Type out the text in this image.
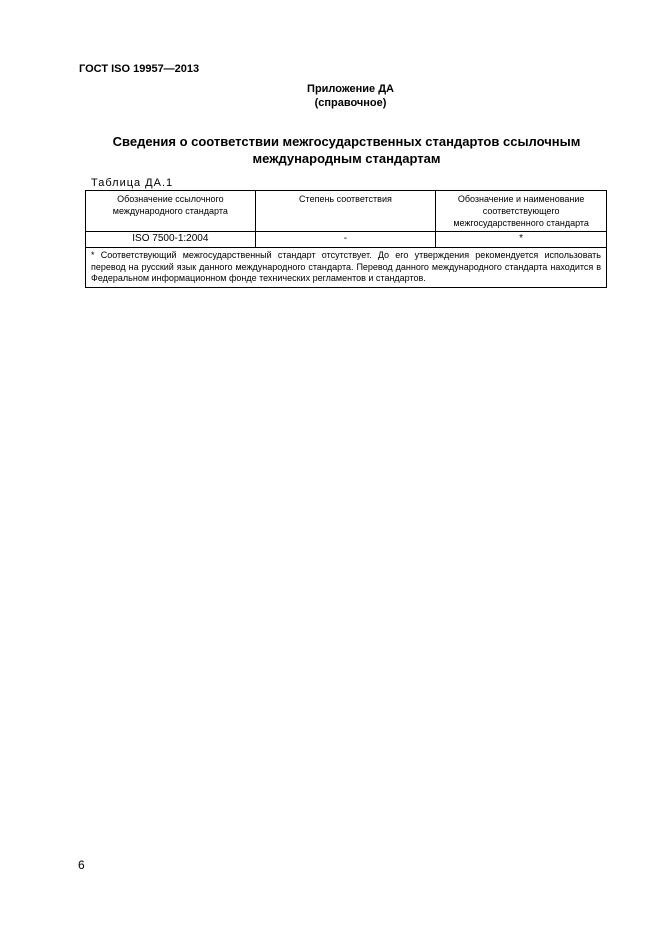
ГОСТ ISO 19957—2013
Приложение ДА
(справочное)
Сведения о соответствии межгосударственных стандартов ссылочным
международным стандартам
Таблица ДА.1
Обозначение ссылочного международного стандарта	Степень соответствия	Обозначение и наименование соответствующего межгосударственного стандарта
ISO 7500-1:2004	-	*
* Соответствующий межгосударственный стандарт отсутствует. До его утверждения рекомендуется использовать перевод на русский язык данного международного стандарта. Перевод данного международного стандарта находится в Федеральном информационном фонде технических регламентов и стандартов.		
6
